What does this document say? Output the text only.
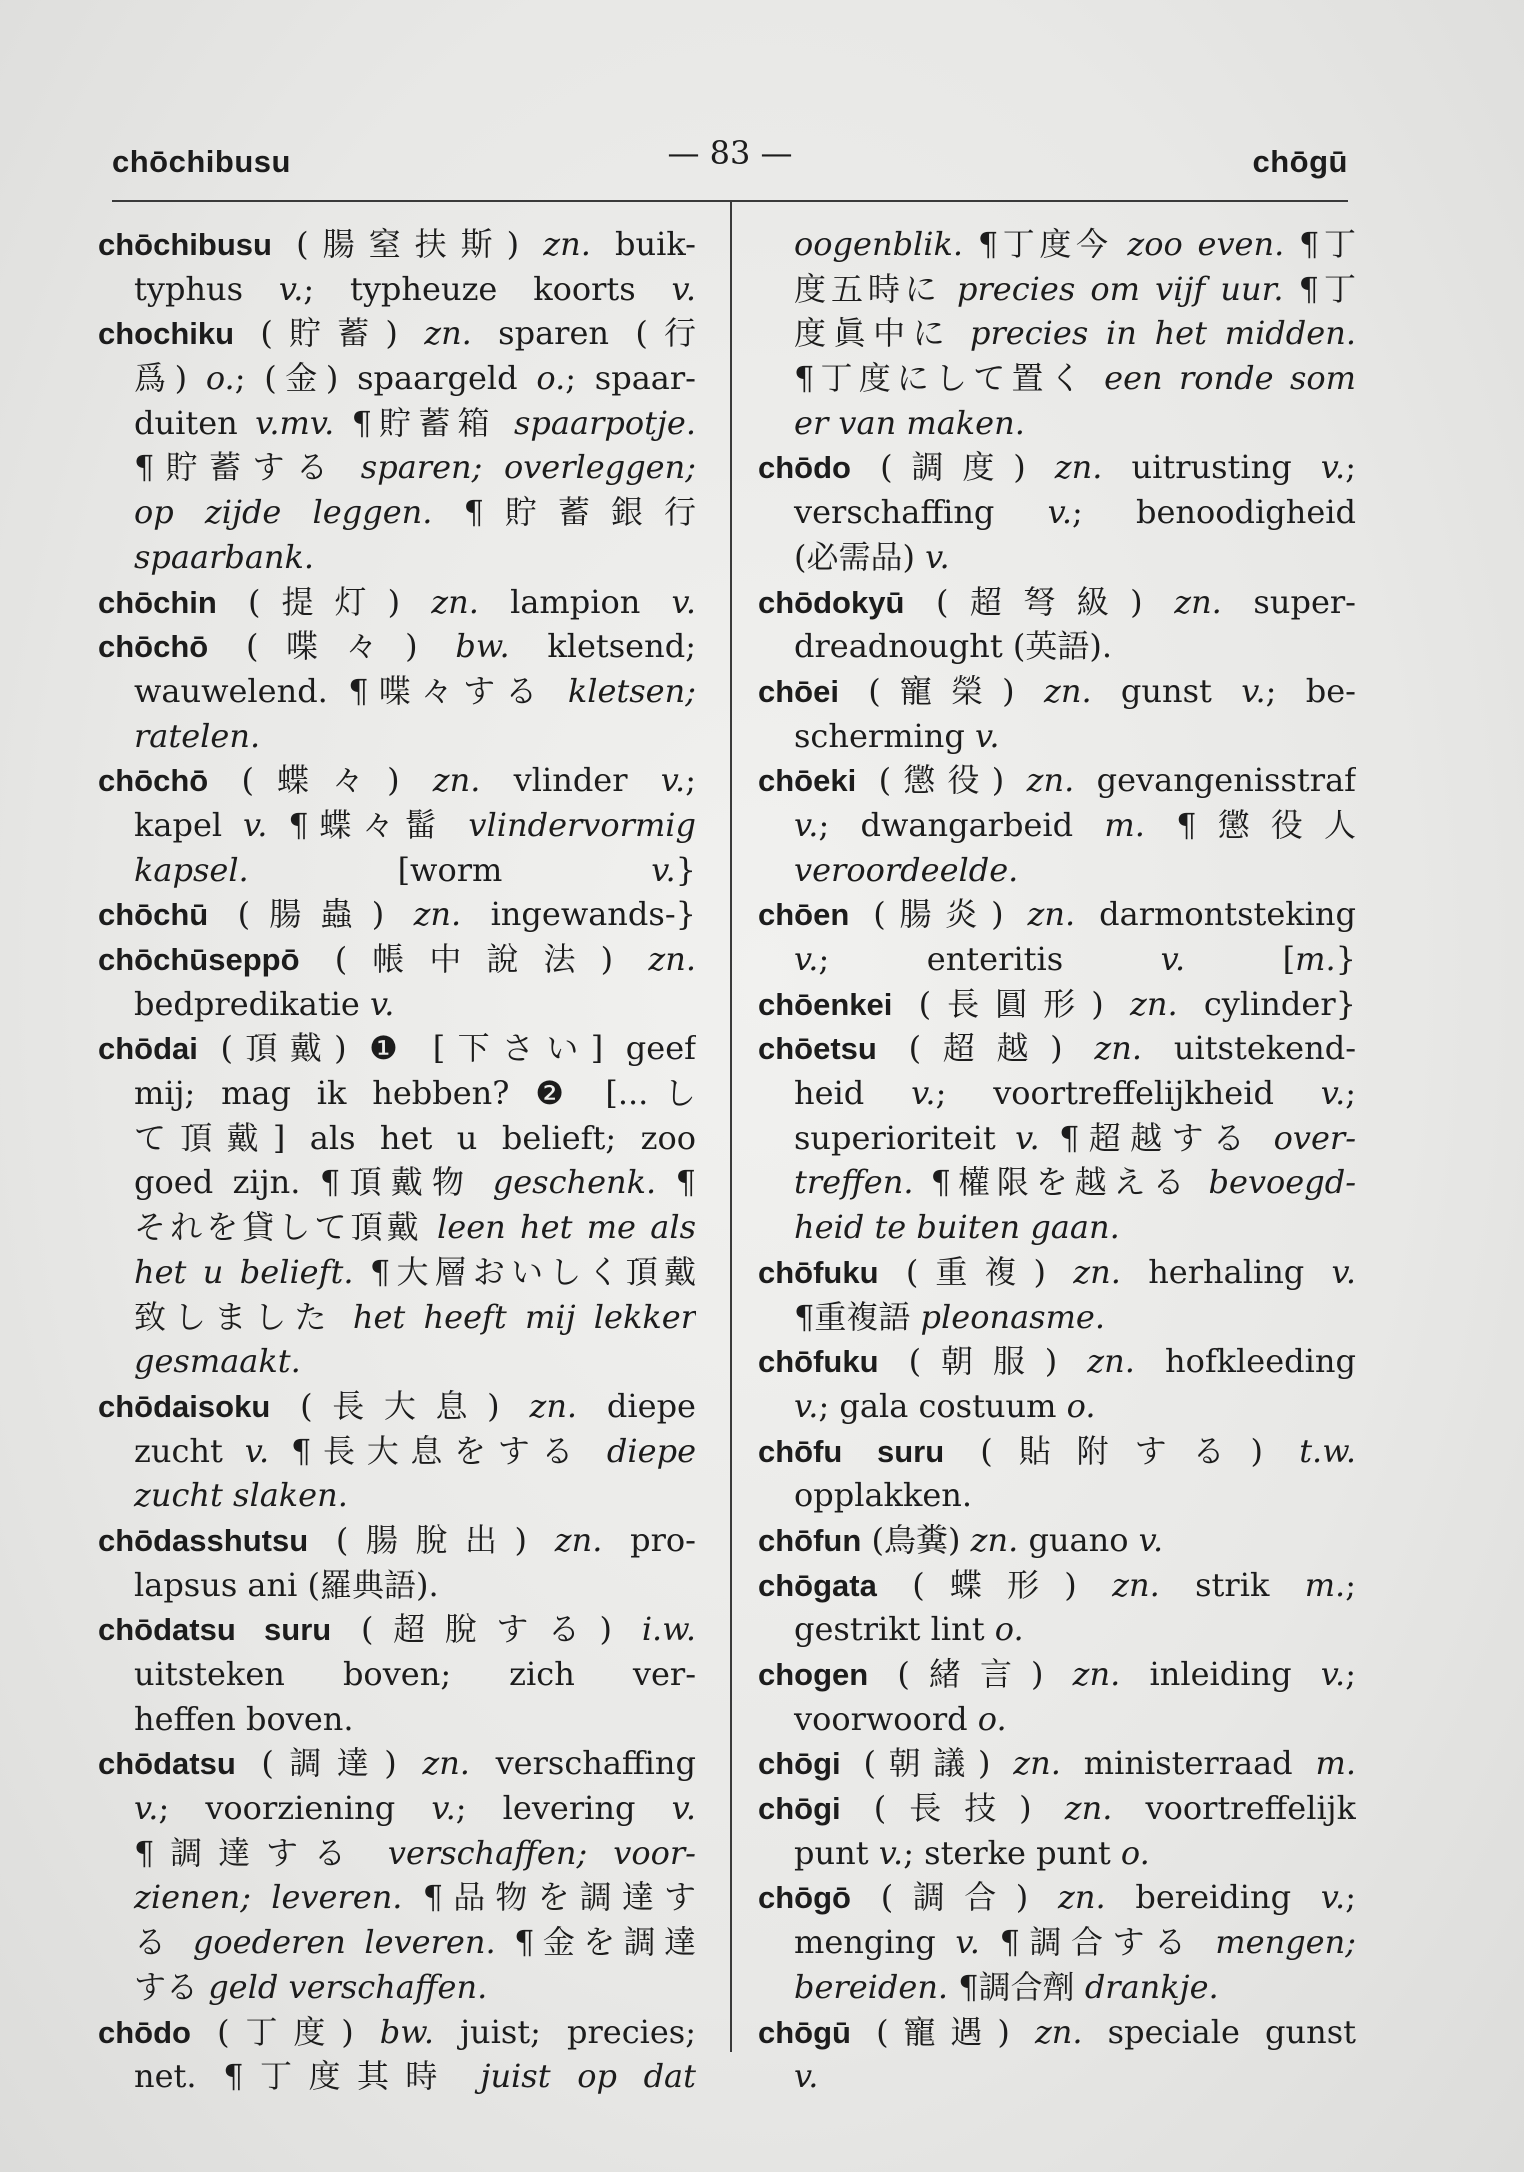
chōchibusu	— 83 —	chōgū
chōchibusu (腸窒扶斯) zn. buik-
typhus v.; typheuze koorts v.
chochiku (貯蓄) zn. sparen (行
爲) o.; (金) spaargeld o.; spaar-
duiten v.mv. ¶貯蓄箱 spaarpotje.
¶貯蓄する sparen; overleggen;
op zijde leggen. ¶貯蓄銀行
spaarbank.
chōchin (提灯) zn. lampion v.
chōchō (喋々) bw. kletsend;
wauwelend. ¶喋々する kletsen;
ratelen.
chōchō (蝶々) zn. vlinder v.;
kapel v. ¶蝶々髷 vlindervormig
kapsel. [worm v.}
chōchū (腸蟲) zn. ingewands-}
chōchūseppō (帳中說法) zn.
bedpredikatie v.
chōdai (頂戴) ❶ [下さい] geef
mij; mag ik hebben? ❷ [...し
て頂戴] als het u belieft; zoo
goed zijn. ¶頂戴物 geschenk. ¶
それを貸して頂戴 leen het me als
het u belieft. ¶大層おいしく頂戴
致しました het heeft mij lekker
gesmaakt.
chōdaisoku (長大息) zn. diepe
zucht v. ¶長大息をする diepe
zucht slaken.
chōdasshutsu (腸脫出) zn. pro-
lapsus ani (羅典語).
chōdatsu suru (超脫する) i.w.
uitsteken boven; zich ver-
heffen boven.
chōdatsu (調達) zn. verschaffing
v.; voorziening v.; levering v.
¶調達する verschaffen; voor-
zienen; leveren. ¶品物を調達す
る goederen leveren. ¶金を調達
する geld verschaffen.
chōdo (丁度) bw. juist; precies;
net. ¶丁度其時 juist op dat
oogenblik. ¶丁度今 zoo even. ¶丁
度五時に precies om vijf uur. ¶丁
度眞中に precies in het midden.
¶丁度にして置く een ronde som
er van maken.
chōdo (調度) zn. uitrusting v.;
verschaffing v.; benoodigheid
(必需品) v.
chōdokyū (超弩級) zn. super-
dreadnought (英語).
chōei (寵榮) zn. gunst v.; be-
scherming v.
chōeki (懲役) zn. gevangenisstraf
v.; dwangarbeid m. ¶懲役人
veroordeelde.
chōen (腸炎) zn. darmontsteking
v.; enteritis v. [m.}
chōenkei (長圓形) zn. cylinder}
chōetsu (超越) zn. uitstekend-
heid v.; voortreffelijkheid v.;
superioriteit v. ¶超越する over-
treffen. ¶權限を越える bevoegd-
heid te buiten gaan.
chōfuku (重複) zn. herhaling v.
¶重複語 pleonasme.
chōfuku (朝服) zn. hofkleeding
v.; gala costuum o.
chōfu suru (貼附する) t.w.
opplakken.
chōfun (鳥糞) zn. guano v.
chōgata (蝶形) zn. strik m.;
gestrikt lint o.
chogen (緒言) zn. inleiding v.;
voorwoord o.
chōgi (朝議) zn. ministerraad m.
chōgi (長技) zn. voortreffelijk
punt v.; sterke punt o.
chōgō (調合) zn. bereiding v.;
menging v. ¶調合する mengen;
bereiden. ¶調合劑 drankje.
chōgū (寵遇) zn. speciale gunst
v.
